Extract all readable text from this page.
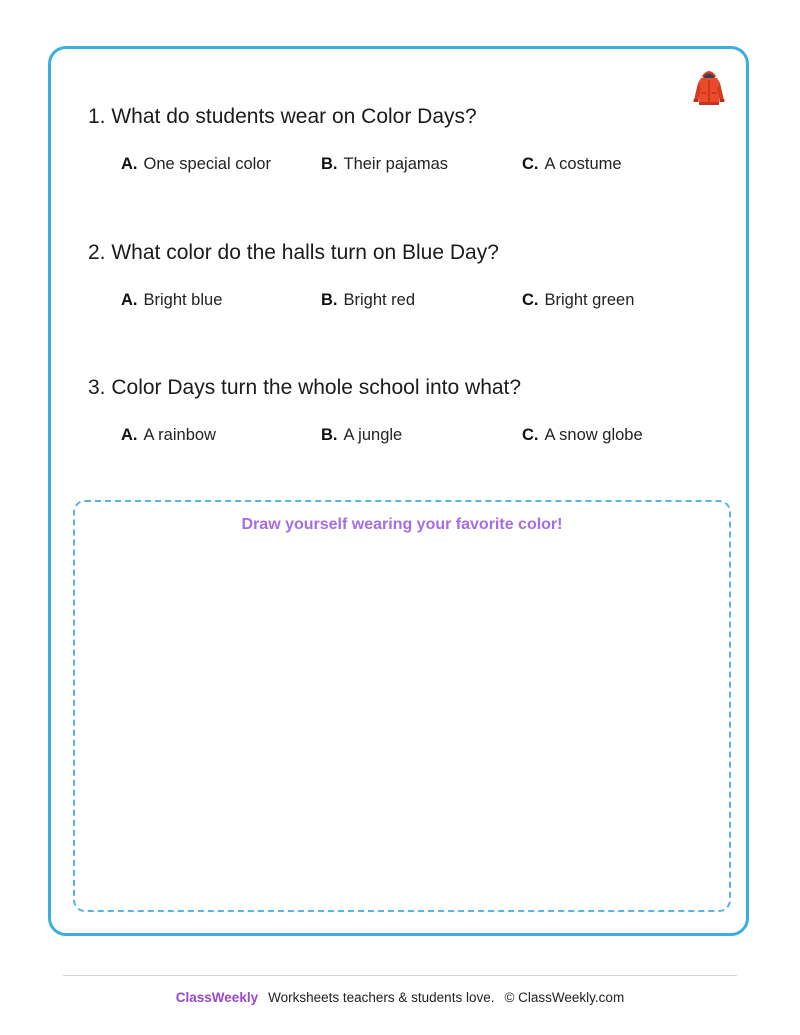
1. What do students wear on Color Days?
A. One special color	B. Their pajamas	C. A costume
2. What color do the halls turn on Blue Day?
A. Bright blue	B. Bright red	C. Bright green
3. Color Days turn the whole school into what?
A. A rainbow	B. A jungle	C. A snow globe
Draw yourself wearing your favorite color!
ClassWeekly Worksheets teachers & students love. © ClassWeekly.com
